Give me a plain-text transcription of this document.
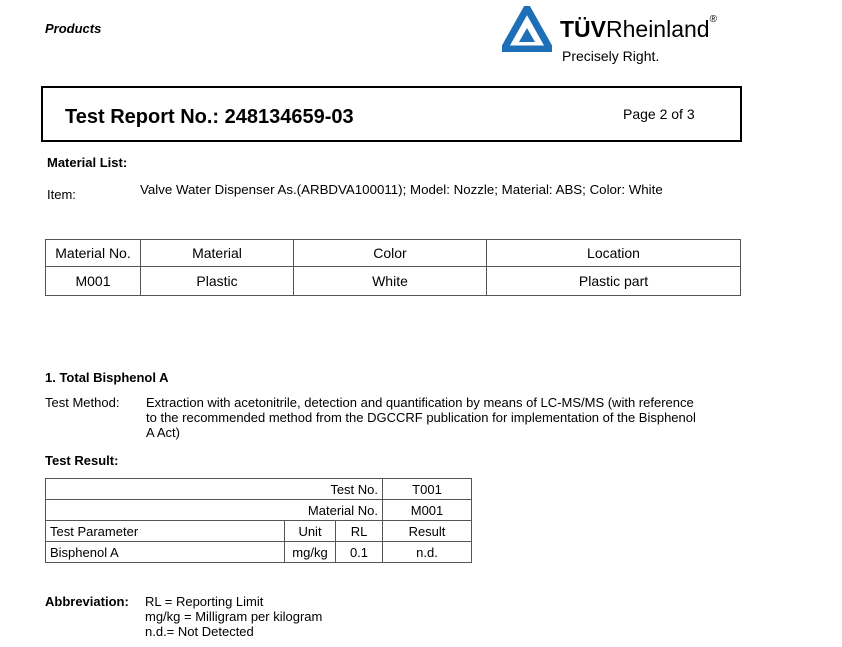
Products	TÜVRheinland®
Precisely Right.
Test Report No.: 248134659-03	Page 2 of 3
Material List:
Item:	Valve Water Dispenser As.(ARBDVA100011); Model: Nozzle; Material: ABS; Color: White
Material No.	Material	Color	Location
M001	Plastic	White	Plastic part
1. Total Bisphenol A
Test Method: Extraction with acetonitrile, detection and quantification by means of LC-MS/MS (with reference
to the recommended method from the DGCCRF publication for implementation of the Bisphenol
A Act)
Test Result:
Test No.			T001
Material No.			M001
Test Parameter	Unit	RL	Result
Bisphenol A	mg/kg	0.1	n.d.
Abbreviation: RL = Reporting Limit
mg/kg = Milligram per kilogram
n.d.= Not Detected
